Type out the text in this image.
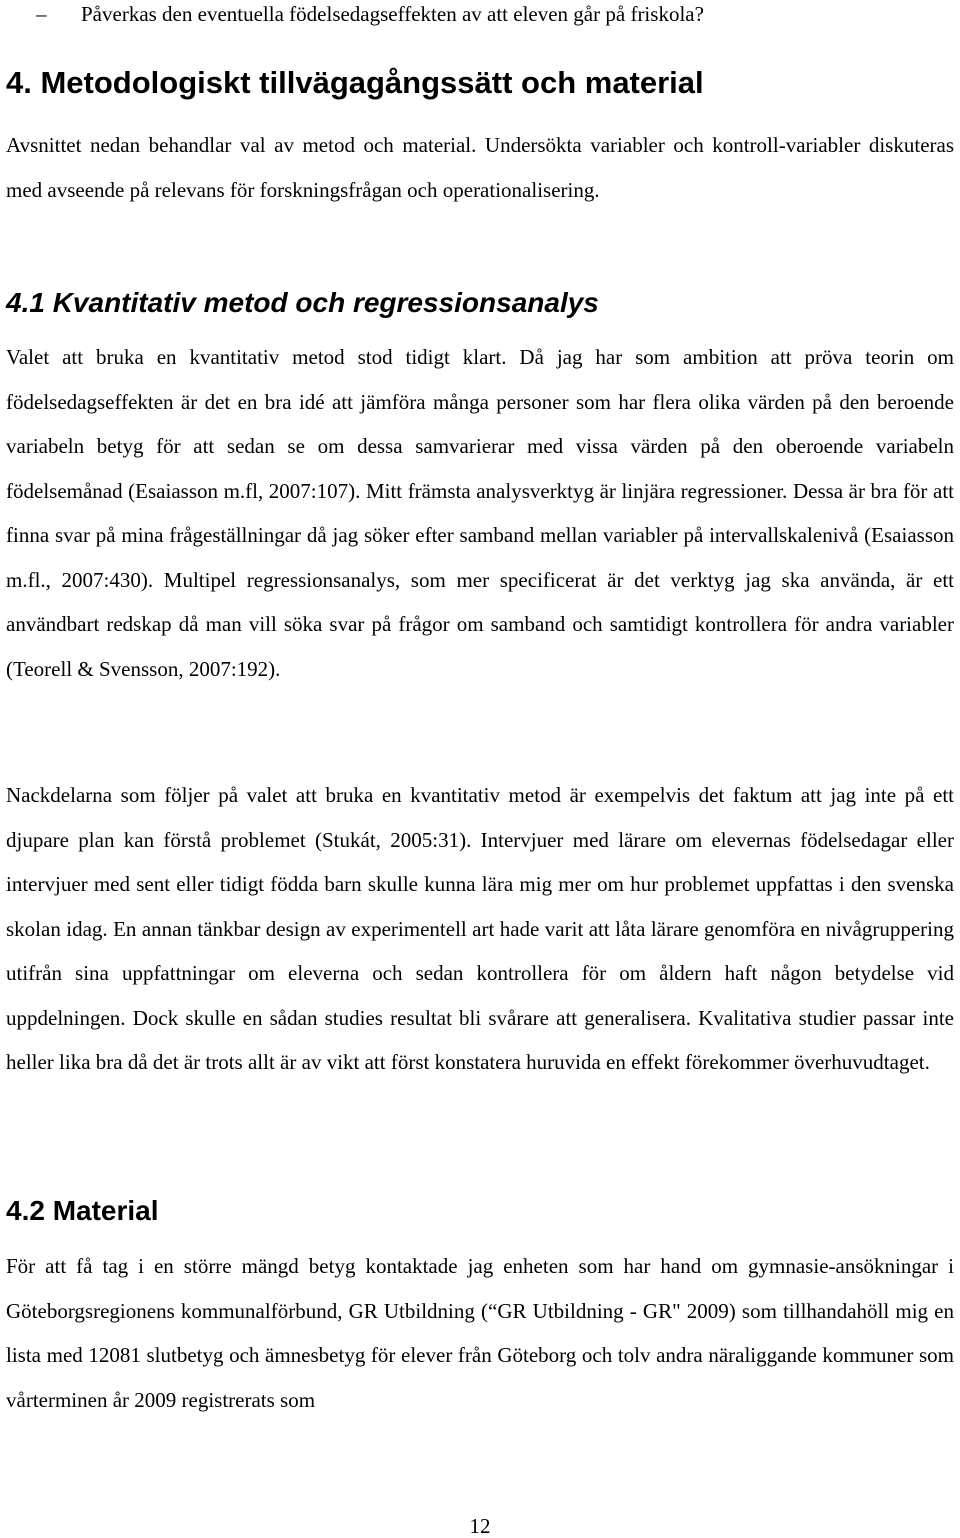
– Påverkas den eventuella födelsedagseffekten av att eleven går på friskola?
4. Metodologiskt tillvägagångssätt och material

Avsnittet nedan behandlar val av metod och material. Undersökta variabler och kontroll-variabler diskuteras med avseende på relevans för forskningsfrågan och operationalisering.

4.1 Kvantitativ metod och regressionsanalys

Valet att bruka en kvantitativ metod stod tidigt klart. Då jag har som ambition att pröva teorin om födelsedagseffekten är det en bra idé att jämföra många personer som har flera olika värden på den beroende variabeln betyg för att sedan se om dessa samvarierar med vissa värden på den oberoende variabeln födelsemånad (Esaiasson m.fl, 2007:107). Mitt främsta analysverktyg är linjära regressioner. Dessa är bra för att finna svar på mina frågeställningar då jag söker efter samband mellan variabler på intervallskalenivå (Esaiasson m.fl., 2007:430). Multipel regressionsanalys, som mer specificerat är det verktyg jag ska använda, är ett användbart redskap då man vill söka svar på frågor om samband och samtidigt kontrollera för andra variabler (Teorell & Svensson, 2007:192).

Nackdelarna som följer på valet att bruka en kvantitativ metod är exempelvis det faktum att jag inte på ett djupare plan kan förstå problemet (Stukát, 2005:31). Intervjuer med lärare om elevernas födelsedagar eller intervjuer med sent eller tidigt födda barn skulle kunna lära mig mer om hur problemet uppfattas i den svenska skolan idag. En annan tänkbar design av experimentell art hade varit att låta lärare genomföra en nivågruppering utifrån sina uppfattningar om eleverna och sedan kontrollera för om åldern haft någon betydelse vid uppdelningen. Dock skulle en sådan studies resultat bli svårare att generalisera. Kvalitativa studier passar inte heller lika bra då det är trots allt är av vikt att först konstatera huruvida en effekt förekommer överhuvudtaget.

4.2 Material

För att få tag i en större mängd betyg kontaktade jag enheten som har hand om gymnasie-ansökningar i Göteborgsregionens kommunalförbund, GR Utbildning (“GR Utbildning - GR" 2009) som tillhandahöll mig en lista med 12081 slutbetyg och ämnesbetyg för elever från Göteborg och tolv andra näraliggande kommuner som vårterminen år 2009 registrerats som

12
